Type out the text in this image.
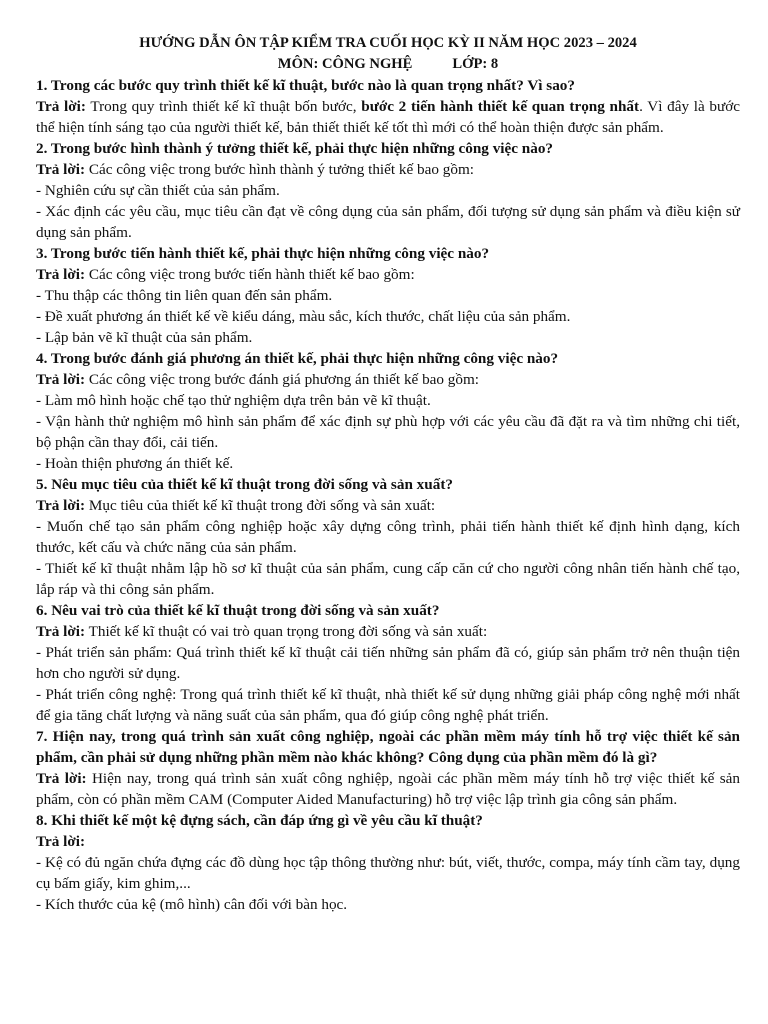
HƯỚNG DẪN ÔN TẬP KIỂM TRA CUỐI HỌC KỲ II NĂM HỌC 2023 – 2024
MÔN: CÔNG NGHỆ	LỚP: 8

1. Trong các bước quy trình thiết kế kĩ thuật, bước nào là quan trọng nhất? Vì sao?

Trả lời: Trong quy trình thiết kế kĩ thuật bốn bước, bước 2 tiến hành thiết kế quan trọng nhất. Vì đây là bước thể hiện tính sáng tạo của người thiết kế, bản thiết thiết kế tốt thì mới có thể hoàn thiện được sản phẩm.

2. Trong bước hình thành ý tưởng thiết kế, phải thực hiện những công việc nào?

Trả lời: Các công việc trong bước hình thành ý tưởng thiết kế bao gồm:

- Nghiên cứu sự cần thiết của sản phẩm.

- Xác định các yêu cầu, mục tiêu cần đạt về công dụng của sản phẩm, đối tượng sử dụng sản phẩm và điều kiện sử dụng sản phẩm.

3. Trong bước tiến hành thiết kế, phải thực hiện những công việc nào?

Trả lời: Các công việc trong bước tiến hành thiết kế bao gồm:

- Thu thập các thông tin liên quan đến sản phẩm.

- Đề xuất phương án thiết kế về kiểu dáng, màu sắc, kích thước, chất liệu của sản phẩm.

- Lập bản vẽ kĩ thuật của sản phẩm.

4. Trong bước đánh giá phương án thiết kế, phải thực hiện những công việc nào?

Trả lời: Các công việc trong bước đánh giá phương án thiết kế bao gồm:

- Làm mô hình hoặc chế tạo thử nghiệm dựa trên bản vẽ kĩ thuật.

- Vận hành thử nghiệm mô hình sản phẩm để xác định sự phù hợp với các yêu cầu đã đặt ra và tìm những chi tiết, bộ phận cần thay đổi, cải tiến.

- Hoàn thiện phương án thiết kế.

5. Nêu mục tiêu của thiết kế kĩ thuật trong đời sống và sản xuất?

Trả lời: Mục tiêu của thiết kế kĩ thuật trong đời sống và sản xuất:

- Muốn chế tạo sản phẩm công nghiệp hoặc xây dựng công trình, phải tiến hành thiết kế định hình dạng, kích thước, kết cấu và chức năng của sản phẩm.

- Thiết kế kĩ thuật nhằm lập hồ sơ kĩ thuật của sản phẩm, cung cấp căn cứ cho người công nhân tiến hành chế tạo, lắp ráp và thi công sản phẩm.

6. Nêu vai trò của thiết kế kĩ thuật trong đời sống và sản xuất?

Trả lời: Thiết kế kĩ thuật có vai trò quan trọng trong đời sống và sản xuất:

- Phát triển sản phẩm: Quá trình thiết kế kĩ thuật cải tiến những sản phẩm đã có, giúp sản phẩm trở nên thuận tiện hơn cho người sử dụng.

- Phát triển công nghệ: Trong quá trình thiết kế kĩ thuật, nhà thiết kế sử dụng những giải pháp công nghệ mới nhất để gia tăng chất lượng và năng suất của sản phẩm, qua đó giúp công nghệ phát triển.

7. Hiện nay, trong quá trình sản xuất công nghiệp, ngoài các phần mềm máy tính hỗ trợ việc thiết kế sản phẩm, cần phải sử dụng những phần mềm nào khác không? Công dụng của phần mềm đó là gì?

Trả lời: Hiện nay, trong quá trình sản xuất công nghiệp, ngoài các phần mềm máy tính hỗ trợ việc thiết kế sản phẩm, còn có phần mềm CAM (Computer Aided Manufacturing) hỗ trợ việc lập trình gia công sản phẩm.

8. Khi thiết kế một kệ đựng sách, cần đáp ứng gì về yêu cầu kĩ thuật?

Trả lời:

- Kệ có đủ ngăn chứa đựng các đồ dùng học tập thông thường như: bút, viết, thước, compa, máy tính cầm tay, dụng cụ bấm giấy, kim ghim,...

- Kích thước của kệ (mô hình) cân đối với bàn học.
